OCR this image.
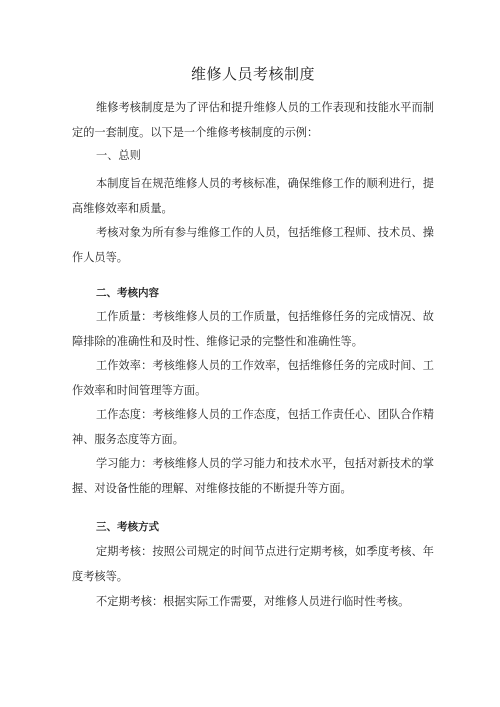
维修人员考核制度

维修考核制度是为了评估和提升维修人员的工作表现和技能水平而制定的一套制度。以下是一个维修考核制度的示例：

一、总则

本制度旨在规范维修人员的考核标准，确保维修工作的顺利进行，提高维修效率和质量。

考核对象为所有参与维修工作的人员，包括维修工程师、技术员、操作人员等。

二、考核内容

工作质量：考核维修人员的工作质量，包括维修任务的完成情况、故障排除的准确性和及时性、维修记录的完整性和准确性等。

工作效率：考核维修人员的工作效率，包括维修任务的完成时间、工作效率和时间管理等方面。

工作态度：考核维修人员的工作态度，包括工作责任心、团队合作精神、服务态度等方面。

学习能力：考核维修人员的学习能力和技术水平，包括对新技术的掌握、对设备性能的理解、对维修技能的不断提升等方面。

三、考核方式

定期考核：按照公司规定的时间节点进行定期考核，如季度考核、年度考核等。

不定期考核：根据实际工作需要，对维修人员进行临时性考核。
